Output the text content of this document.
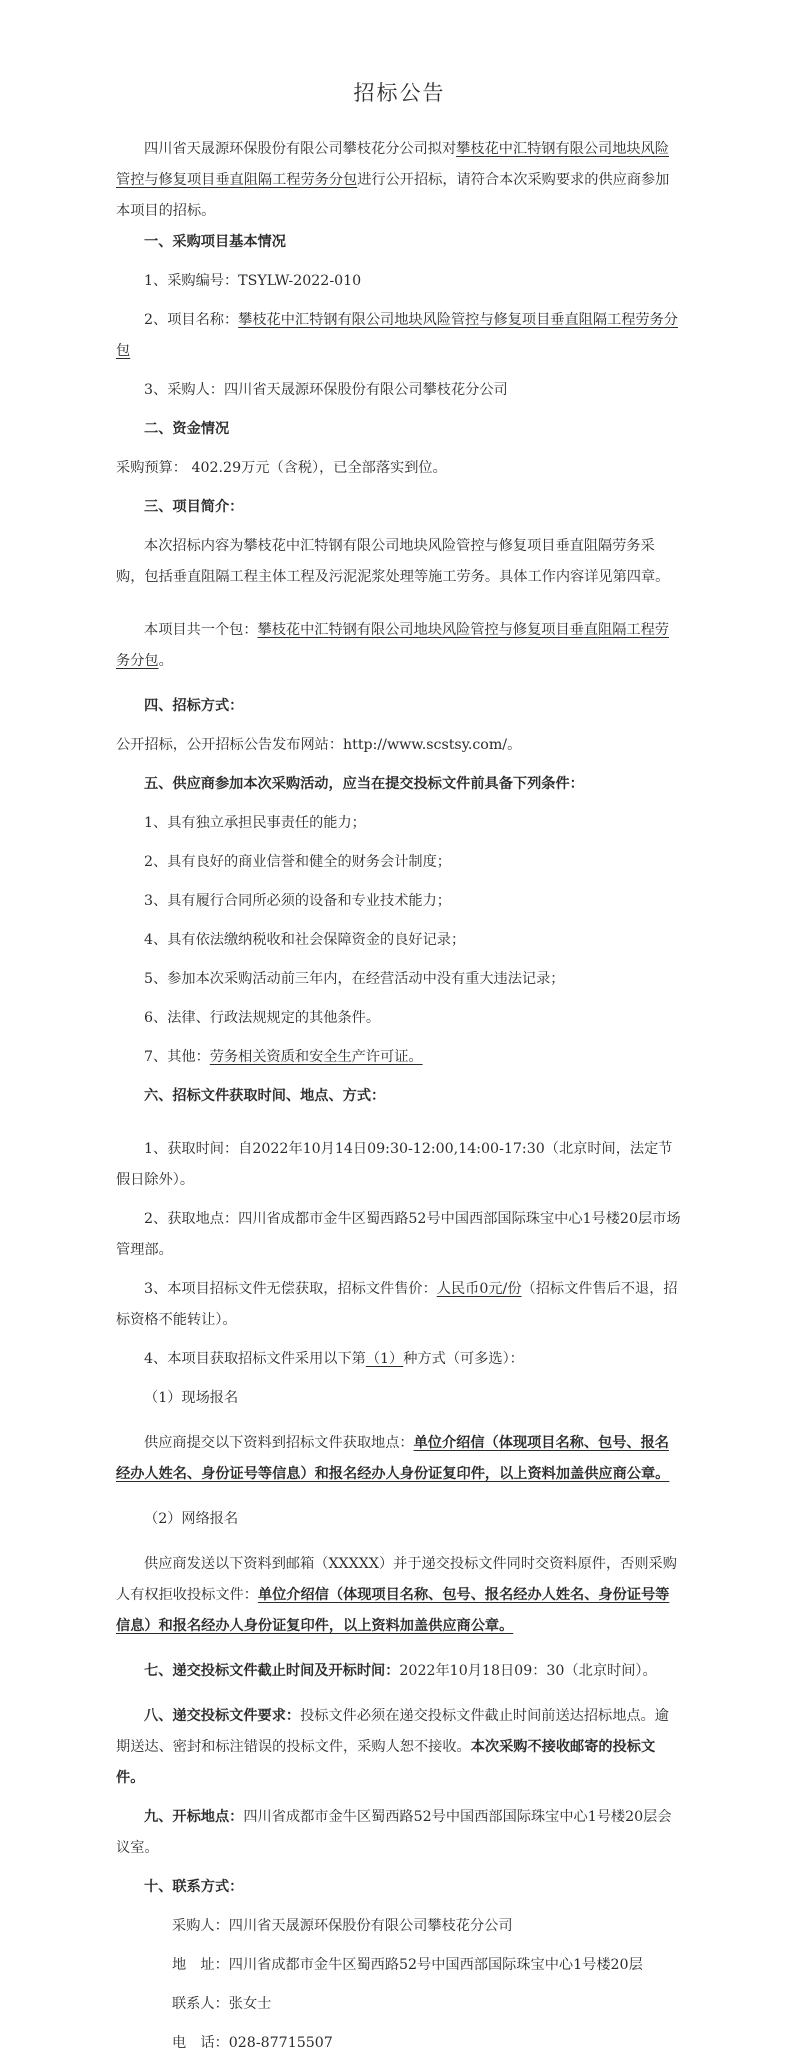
招标公告

四川省天晟源环保股份有限公司攀枝花分公司拟对攀枝花中汇特钢有限公司地块风险管控与修复项目垂直阻隔工程劳务分包进行公开招标，请符合本次采购要求的供应商参加本项目的招标。

一、采购项目基本情况

1、采购编号：TSYLW-2022-010

2、项目名称：攀枝花中汇特钢有限公司地块风险管控与修复项目垂直阻隔工程劳务分包

3、采购人：四川省天晟源环保股份有限公司攀枝花分公司

二、资金情况

采购预算： 402.29万元（含税），已全部落实到位。

三、项目简介：

本次招标内容为攀枝花中汇特钢有限公司地块风险管控与修复项目垂直阻隔劳务采购，包括垂直阻隔工程主体工程及污泥泥浆处理等施工劳务。具体工作内容详见第四章。

本项目共一个包：攀枝花中汇特钢有限公司地块风险管控与修复项目垂直阻隔工程劳务分包。

四、招标方式：

公开招标，公开招标公告发布网站：http://www.scstsy.com/。

五、供应商参加本次采购活动，应当在提交投标文件前具备下列条件：

1、具有独立承担民事责任的能力；

2、具有良好的商业信誉和健全的财务会计制度；

3、具有履行合同所必须的设备和专业技术能力；

4、具有依法缴纳税收和社会保障资金的良好记录；

5、参加本次采购活动前三年内，在经营活动中没有重大违法记录；

6、法律、行政法规规定的其他条件。

7、其他：劳务相关资质和安全生产许可证。

六、招标文件获取时间、地点、方式：

1、获取时间：自2022年10月14日09:30-12:00,14:00-17:30（北京时间，法定节假日除外）。

2、获取地点：四川省成都市金牛区蜀西路52号中国西部国际珠宝中心1号楼20层市场管理部。

3、本项目招标文件无偿获取，招标文件售价：人民币0元/份（招标文件售后不退，招标资格不能转让）。

4、本项目获取招标文件采用以下第（1）种方式（可多选）：

（1）现场报名

供应商提交以下资料到招标文件获取地点：单位介绍信（体现项目名称、包号、报名经办人姓名、身份证号等信息）和报名经办人身份证复印件，以上资料加盖供应商公章。

（2）网络报名

供应商发送以下资料到邮箱（XXXXX）并于递交投标文件同时交资料原件，否则采购人有权拒收投标文件：单位介绍信（体现项目名称、包号、报名经办人姓名、身份证号等信息）和报名经办人身份证复印件，以上资料加盖供应商公章。

七、递交投标文件截止时间及开标时间：2022年10月18日09：30（北京时间）。

八、递交投标文件要求：投标文件必须在递交投标文件截止时间前送达招标地点。逾期送达、密封和标注错误的投标文件，采购人恕不接收。本次采购不接收邮寄的投标文件。

九、开标地点：四川省成都市金牛区蜀西路52号中国西部国际珠宝中心1号楼20层会议室。

十、联系方式：

采购人：四川省天晟源环保股份有限公司攀枝花分公司

地　址：四川省成都市金牛区蜀西路52号中国西部国际珠宝中心1号楼20层

联系人：张女士

电　话：028-87715507
